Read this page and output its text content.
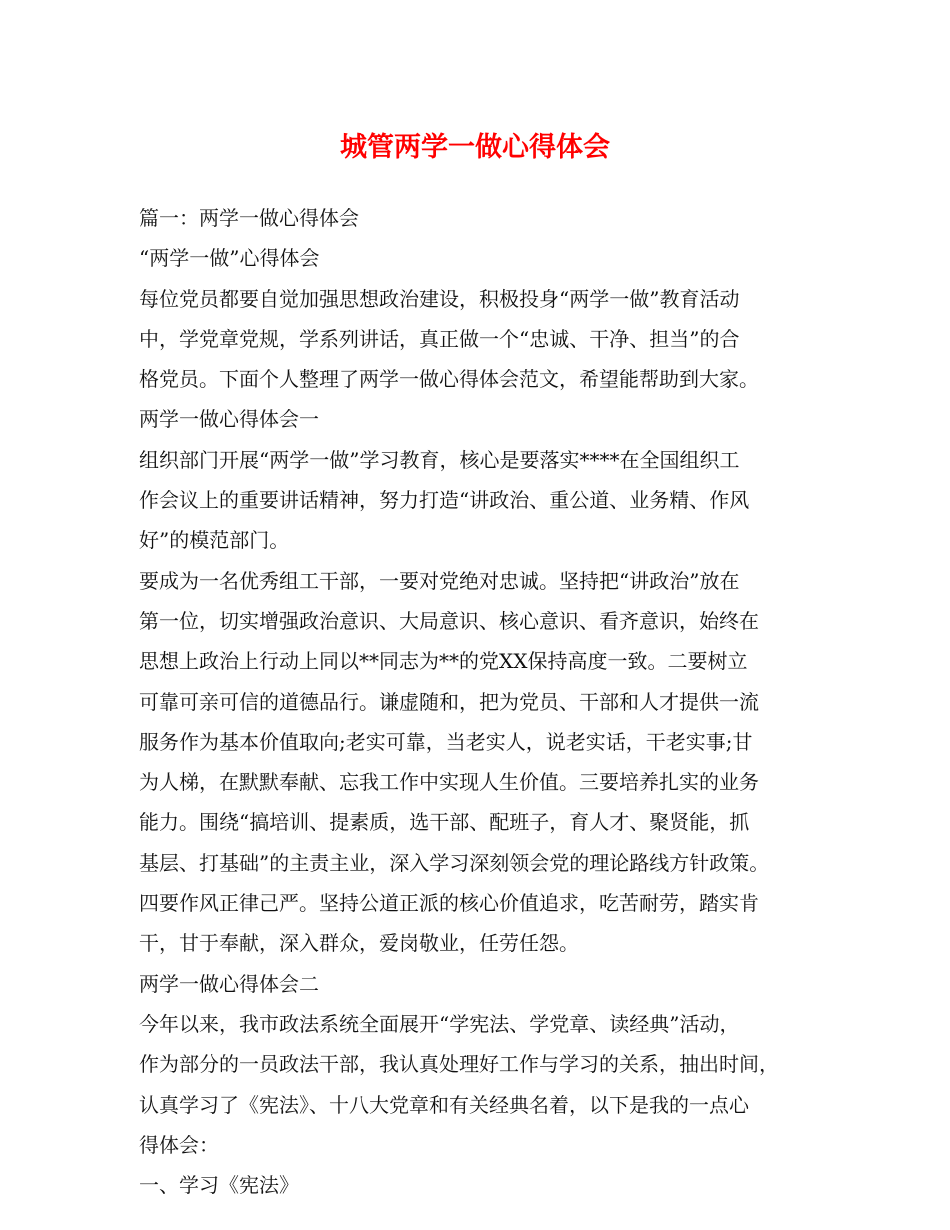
城管两学一做心得体会
篇一：两学一做心得体会
“两学一做”心得体会
每位党员都要自觉加强思想政治建设，积极投身“两学一做”教育活动
中，学党章党规，学系列讲话，真正做一个“忠诚、干净、担当”的合
格党员。下面个人整理了两学一做心得体会范文，希望能帮助到大家。
两学一做心得体会一
组织部门开展“两学一做”学习教育，核心是要落实****在全国组织工
作会议上的重要讲话精神，努力打造“讲政治、重公道、业务精、作风
好”的模范部门。
要成为一名优秀组工干部，一要对党绝对忠诚。坚持把“讲政治”放在
第一位，切实增强政治意识、大局意识、核心意识、看齐意识，始终在
思想上政治上行动上同以**同志为**的党XX保持高度一致。二要树立
可靠可亲可信的道德品行。谦虚随和，把为党员、干部和人才提供一流
服务作为基本价值取向;老实可靠，当老实人，说老实话，干老实事;甘
为人梯，在默默奉献、忘我工作中实现人生价值。三要培养扎实的业务
能力。围绕“搞培训、提素质，选干部、配班子，育人才、聚贤能，抓
基层、打基础”的主责主业，深入学习深刻领会党的理论路线方针政策。
四要作风正律己严。坚持公道正派的核心价值追求，吃苦耐劳，踏实肯
干，甘于奉献，深入群众，爱岗敬业，任劳任怨。
两学一做心得体会二
今年以来，我市政法系统全面展开“学宪法、学党章、读经典”活动，
作为部分的一员政法干部，我认真处理好工作与学习的关系，抽出时间，
认真学习了《宪法》、十八大党章和有关经典名着，以下是我的一点心
得体会：
一、学习《宪法》
